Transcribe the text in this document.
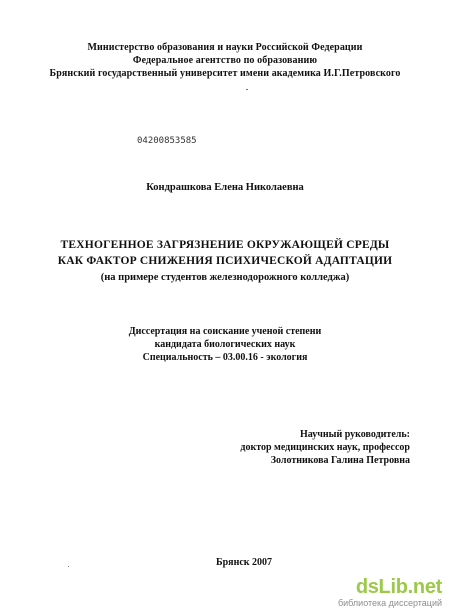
Министерство образования и науки Российской Федерации
Федеральное агентство по образованию
Брянский государственный университет имени академика И.Г.Петровского
04200853585
Кондрашкова Елена Николаевна
ТЕХНОГЕННОЕ ЗАГРЯЗНЕНИЕ ОКРУЖАЮЩЕЙ СРЕДЫ
КАК ФАКТОР СНИЖЕНИЯ ПСИХИЧЕСКОЙ АДАПТАЦИИ
(на примере студентов железнодорожного колледжа)
Диссертация на соискание ученой степени
кандидата биологических наук
Специальность – 03.00.16 - экология
Научный руководитель:
доктор медицинских наук, профессор
Золотникова Галина Петровна
Брянск 2007
dsLib.net
библиотека диссертаций
